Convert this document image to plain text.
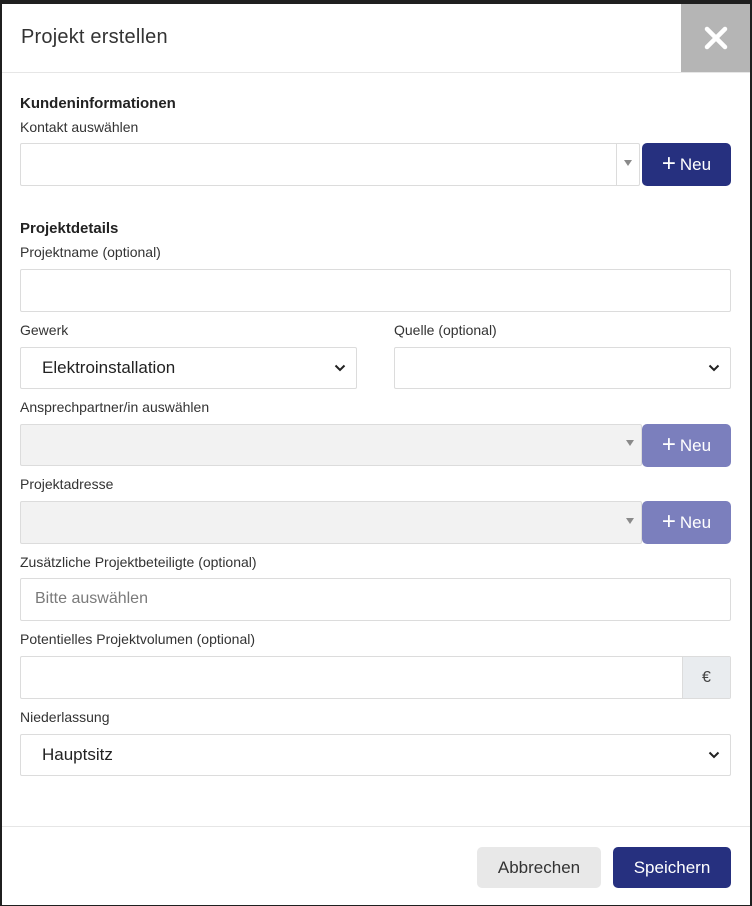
Projekt erstellen
Kundeninformationen
Kontakt auswählen
+ Neu
Projektdetails
Projektname (optional)
Gewerk	Quelle (optional)
Elektroinstallation
Ansprechpartner/in auswählen
+ Neu
Projektadresse
+ Neu
Zusätzliche Projektbeteiligte (optional)
Bitte auswählen
Potentielles Projektvolumen (optional)
€
Niederlassung
Hauptsitz
Abbrechen	Speichern
